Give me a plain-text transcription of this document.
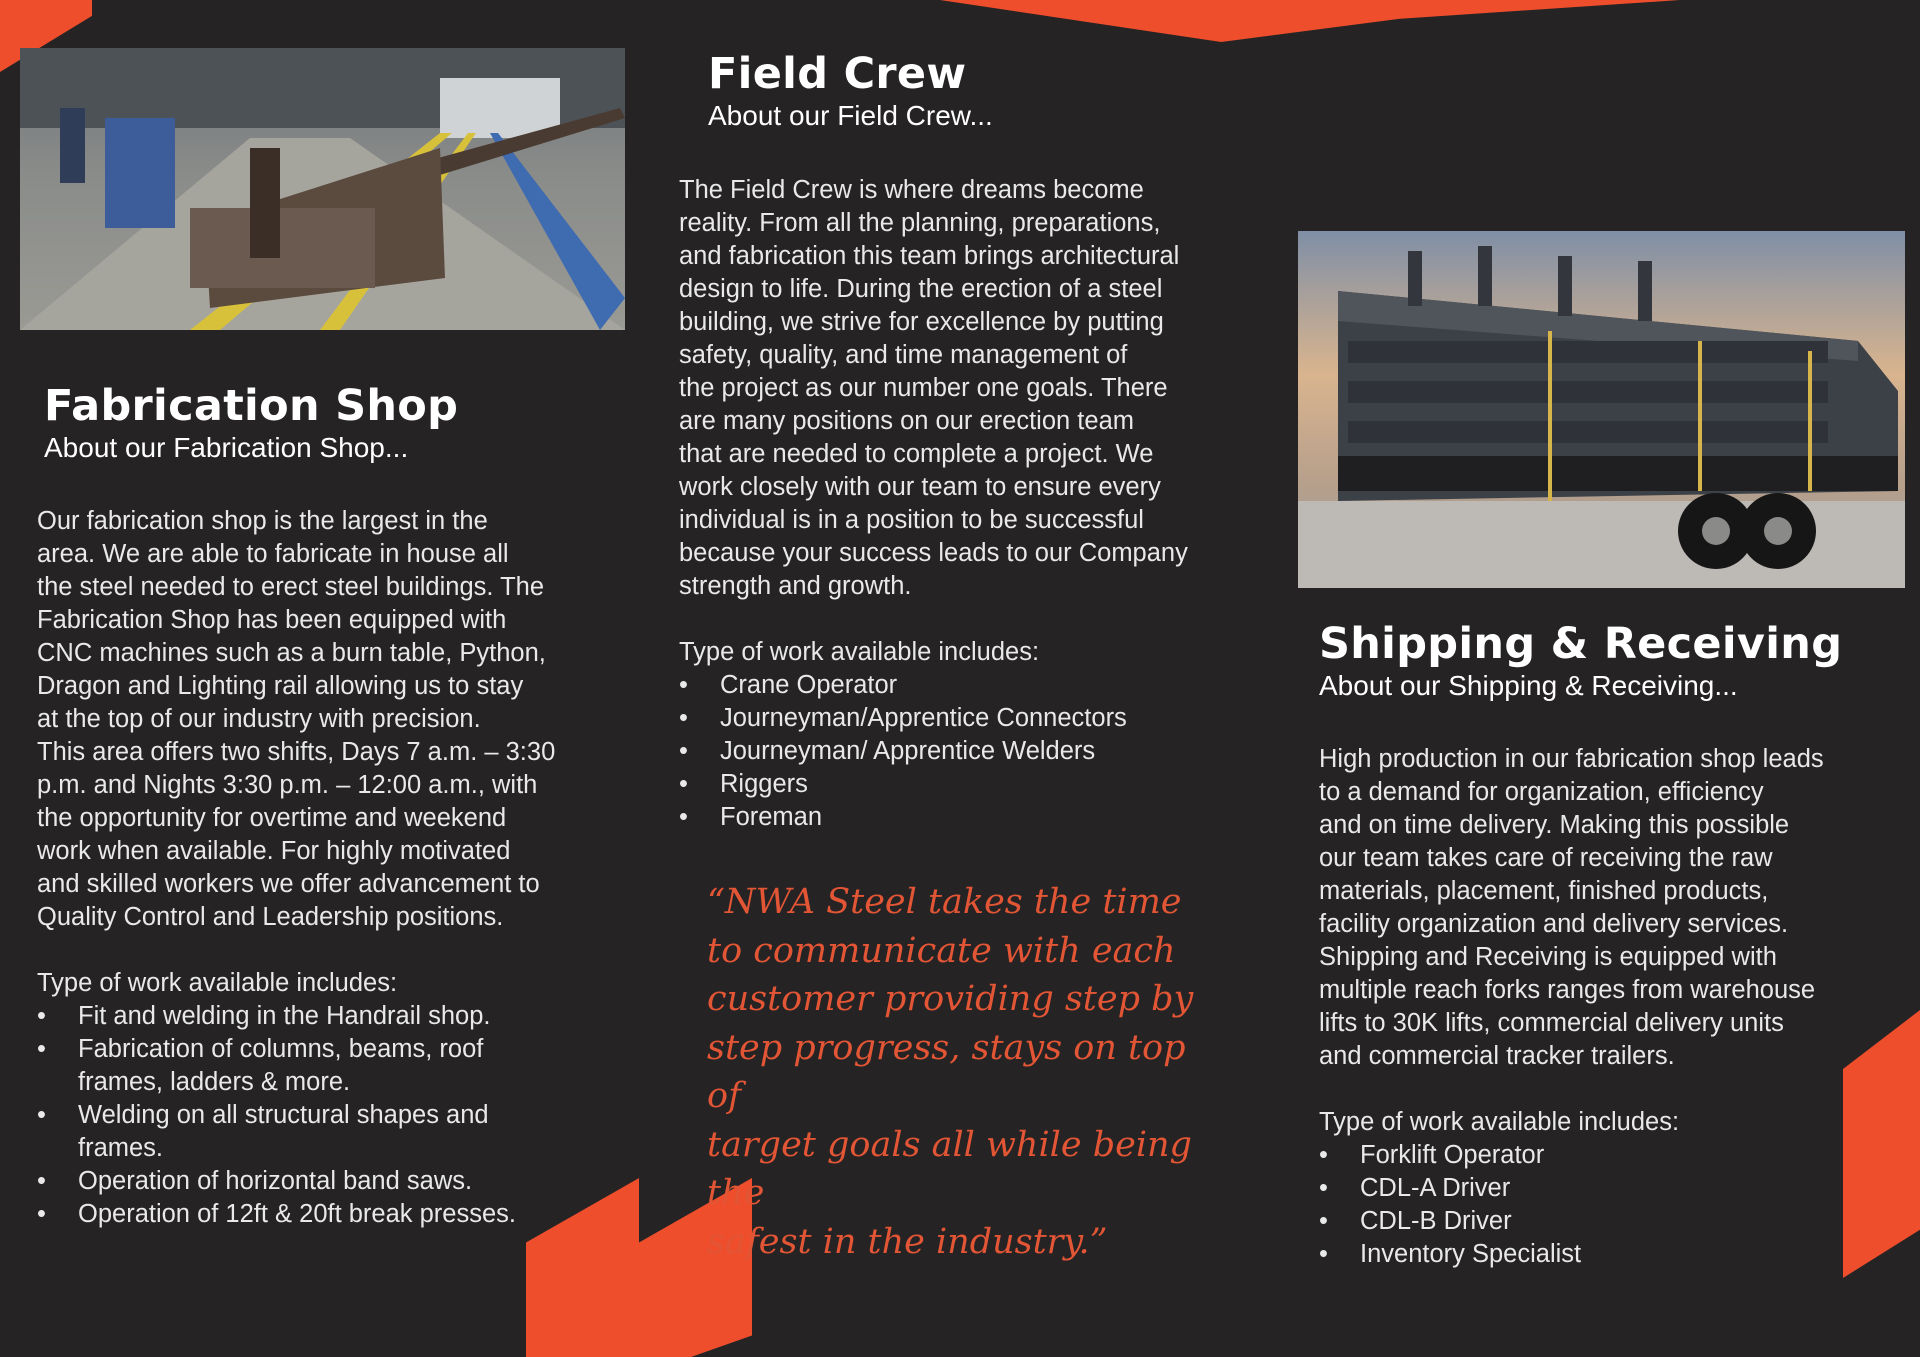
Fabrication Shop
About our Fabrication Shop...

Our fabrication shop is the largest in the
area. We are able to fabricate in house all
the steel needed to erect steel buildings. The
Fabrication Shop has been equipped with
CNC machines such as a burn table, Python,
Dragon and Lighting rail allowing us to stay
at the top of our industry with precision.
This area offers two shifts, Days 7 a.m. – 3:30
p.m. and Nights 3:30 p.m. – 12:00 a.m., with
the opportunity for overtime and weekend
work when available. For highly motivated
and skilled workers we offer advancement to
Quality Control and Leadership positions.

Type of work available includes:

• Fit and welding in the Handrail shop.
• Fabrication of columns, beams, roof
frames, ladders & more.
• Welding on all structural shapes and
frames.
• Operation of horizontal band saws.
• Operation of 12ft & 20ft break presses.
Field Crew
About our Field Crew...

The Field Crew is where dreams become
reality. From all the planning, preparations,
and fabrication this team brings architectural
design to life. During the erection of a steel
building, we strive for excellence by putting
safety, quality, and time management of
the project as our number one goals. There
are many positions on our erection team
that are needed to complete a project. We
work closely with our team to ensure every
individual is in a position to be successful
because your success leads to our Company
strength and growth.

Type of work available includes:

• Crane Operator
• Journeyman/Apprentice Connectors
• Journeyman/ Apprentice Welders
• Riggers
• Foreman

“NWA Steel takes the time
to communicate with each
customer providing step by
step progress, stays on top of
target goals all while being the
safest in the industry.”

Shipping & Receiving
About our Shipping & Receiving...

High production in our fabrication shop leads
to a demand for organization, efficiency
and on time delivery. Making this possible
our team takes care of receiving the raw
materials, placement, finished products,
facility organization and delivery services.
Shipping and Receiving is equipped with
multiple reach forks ranges from warehouse
lifts to 30K lifts, commercial delivery units
and commercial tracker trailers.

Type of work available includes:

• Forklift Operator
• CDL-A Driver
• CDL-B Driver
• Inventory Specialist
